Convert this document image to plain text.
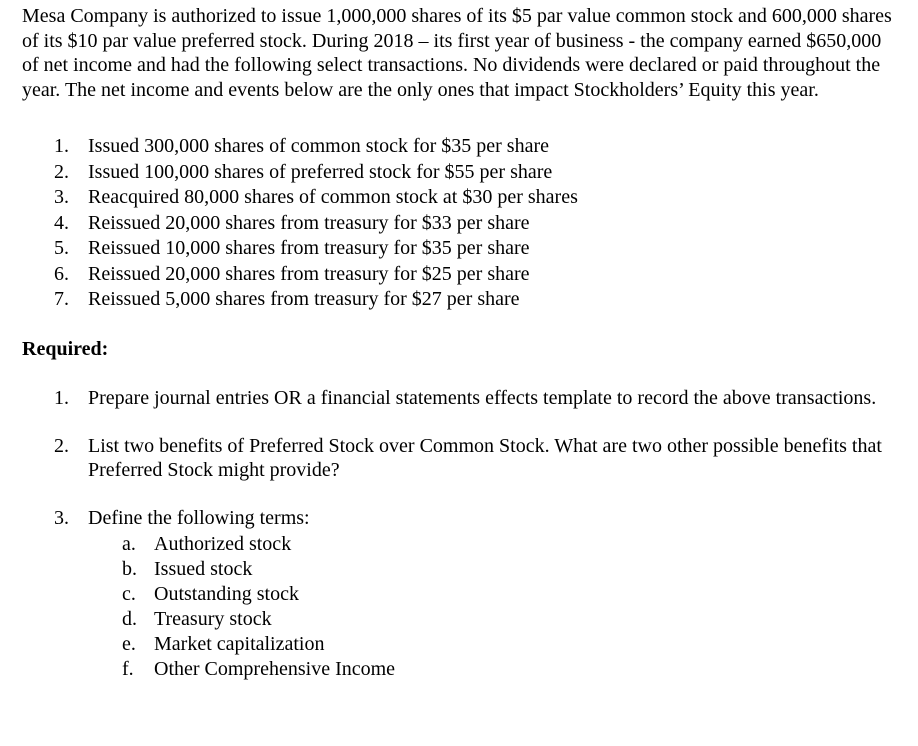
Mesa Company is authorized to issue 1,000,000 shares of its $5 par value common stock and 600,000 shares of its $10 par value preferred stock. During 2018 – its first year of business - the company earned $650,000 of net income and had the following select transactions. No dividends were declared or paid throughout the year. The net income and events below are the only ones that impact Stockholders’ Equity this year.

1. Issued 300,000 shares of common stock for $35 per share
2. Issued 100,000 shares of preferred stock for $55 per share
3. Reacquired 80,000 shares of common stock at $30 per shares
4. Reissued 20,000 shares from treasury for $33 per share
5. Reissued 10,000 shares from treasury for $35 per share
6. Reissued 20,000 shares from treasury for $25 per share
7. Reissued 5,000 shares from treasury for $27 per share
Required:
1. Prepare journal entries OR a financial statements effects template to record the above transactions.
2. List two benefits of Preferred Stock over Common Stock. What are two other possible benefits that Preferred Stock might provide?
3. Define the following terms:
a. Authorized stock
b. Issued stock
c. Outstanding stock
d. Treasury stock
e. Market capitalization
f. Other Comprehensive Income
